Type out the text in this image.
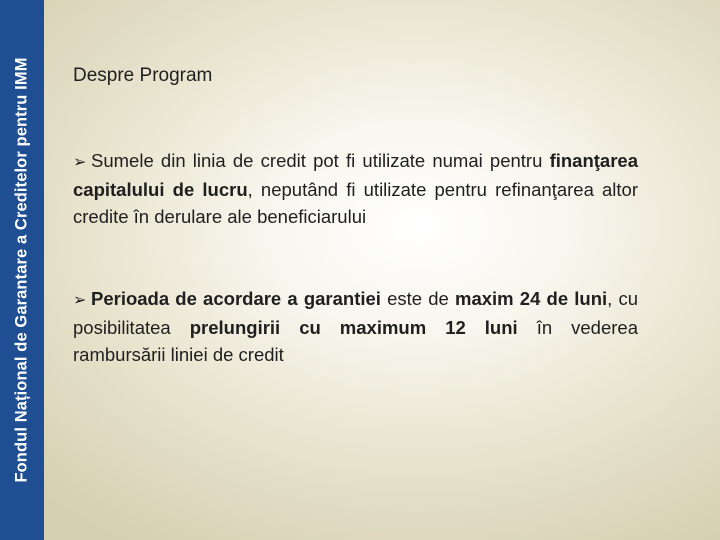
Fondul Național de Garantare a Creditelor pentru IMM Despre Program

➢ Sumele din linia de credit pot fi utilizate numai pentru finanţarea capitalului de lucru, neputând fi utilizate pentru refinanţarea altor credite în derulare ale beneficiarului

➢ Perioada de acordare a garantiei este de maxim 24 de luni, cu posibilitatea prelungirii cu maximum 12 luni în vederea rambursării liniei de credit
